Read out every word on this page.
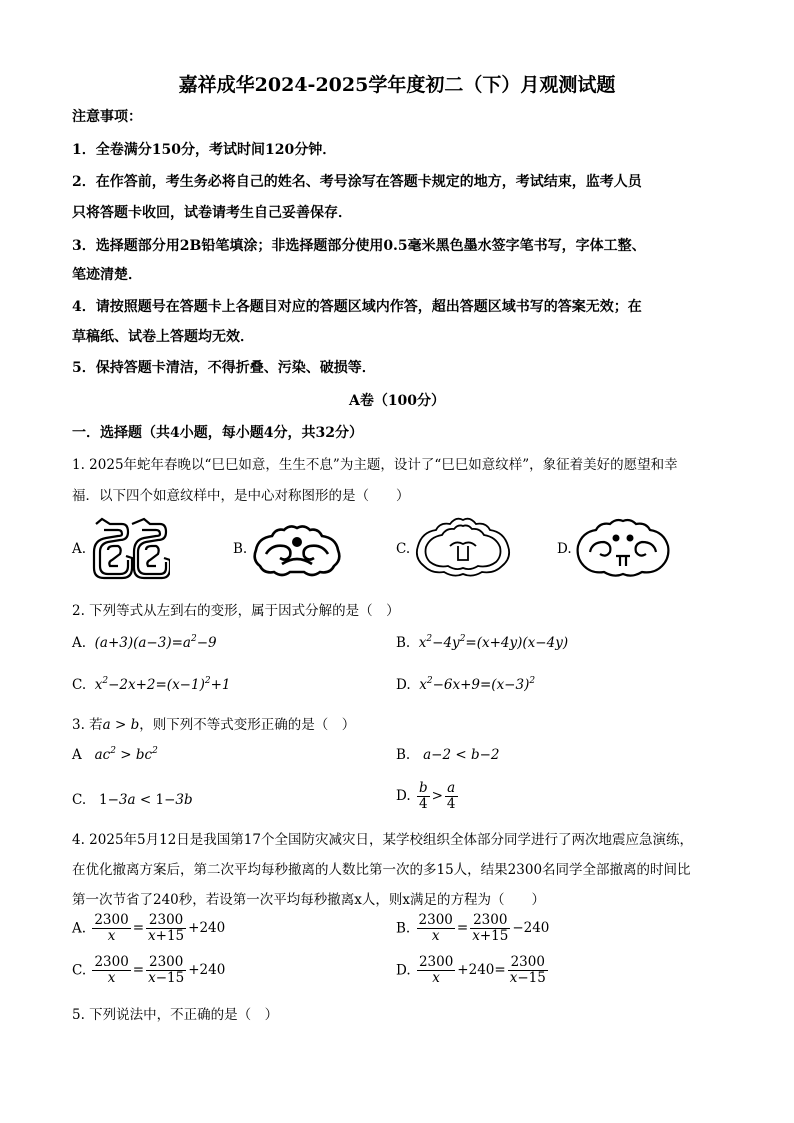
嘉祥成华2024-2025学年度初二（下）月观测试题
注意事项：
1．全卷满分150分，考试时间120分钟．
2．在作答前，考生务必将自己的姓名、考号涂写在答题卡规定的地方，考试结束，监考人员
只将答题卡收回，试卷请考生自己妥善保存．
3．选择题部分用2B铅笔填涂；非选择题部分使用0.5毫米黑色墨水签字笔书写，字体工整、
笔迹清楚．
4．请按照题号在答题卡上各题目对应的答题区域内作答，超出答题区域书写的答案无效；在
草稿纸、试卷上答题均无效．
5．保持答题卡清洁，不得折叠、污染、破损等．
A卷（100分）
一．选择题（共4小题，每小题4分，共32分）
1. 2025年蛇年春晚以“巳巳如意，生生不息”为主题，设计了“巳巳如意纹样”，象征着美好的愿望和幸
福．以下四个如意纹样中，是中心对称图形的是（　　）
A.	B.	C.	D.
2. 下列等式从左到右的变形，属于因式分解的是（　）
A.  $(a+3)(a-3)=a^2-9$	B.  $x^2-4y^2=(x+4y)(x-4y)$
C.  $x^2-2x+2=(x-1)^2+1$	D.  $x^2-6x+9=(x-3)^2$
3. 若a > b，则下列不等式变形正确的是（　）
A   $ac^2 > bc^2$	B.   a−2 < b−2
C. 1−3a < 1−3b	D. $\frac{b}{4} > \frac{a}{4}$
4. 2025年5月12日是我国第17个全国防灾减灾日，某学校组织全体部分同学进行了两次地震应急演练，
在优化撤离方案后，第二次平均每秒撤离的人数比第一次的多15人，结果2300名同学全部撤离的时间比
第一次节省了240秒，若设第一次平均每秒撤离x人，则x满足的方程为（　　）
A. $\frac{2300}{x} = \frac{2300}{x+15} +240$	B. $\frac{2300}{x} = \frac{2300}{x+15} -240$
C. $\frac{2300}{x} = \frac{2300}{x-15} +240$	D. $\frac{2300}{x} +240= \frac{2300}{x-15}$
5. 下列说法中，不正确的是（　）
